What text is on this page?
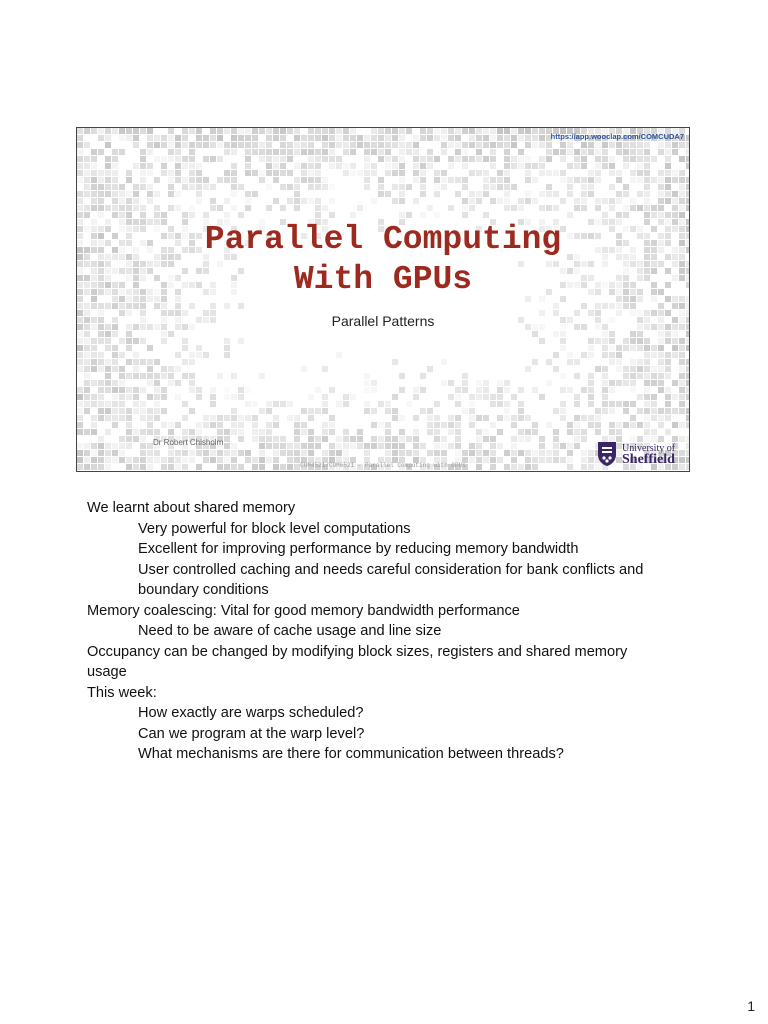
https://app.wooclap.com/COMCUDA7
Parallel Computing
With GPUs
Parallel Patterns
Dr Robert Chisholm
COM4521/COM6521 - Parallel Computing with GPUs
University of
Sheffield
We learnt about shared memory
Very powerful for block level computations
Excellent for improving performance by reducing memory bandwidth
User controlled caching and needs careful consideration for bank conflicts and
boundary conditions
Memory coalescing: Vital for good memory bandwidth performance
Need to be aware of cache usage and line size
Occupancy can be changed by modifying block sizes, registers and shared memory
usage
This week:
How exactly are warps scheduled?
Can we program at the warp level?
What mechanisms are there for communication between threads?
1
